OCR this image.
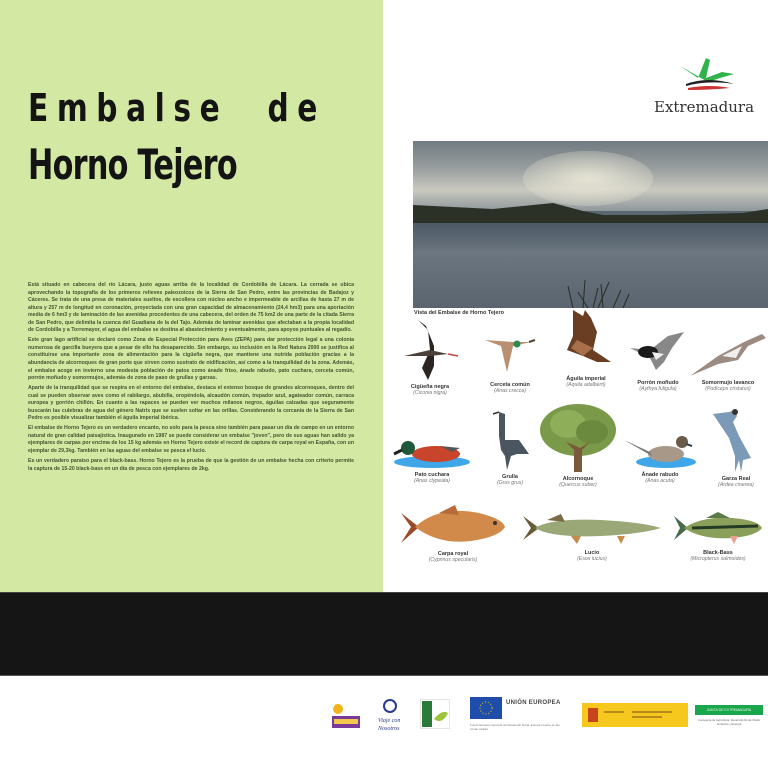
Embalse de
Horno Tejero

Está situado en cabecera del río Lácara, justo aguas arriba de la localidad de Cordobilla de Lácara. La cerrada se ubica aprovechando la topografía de los primeros relieves paleozoicos de la Sierra de San Pedro, entre las provincias de Badajoz y Cáceres. Se trata de una presa de materiales sueltos, de escollera con núcleo ancho e impermeable de arcillas de hasta 27 m de altura y 257 m de longitud en coronación, proyectada con una gran capacidad de almacenamiento (24,4 hm3) para una aportación media de 6 hm3 y de laminación de las avenidas procedentes de una cabecera, del orden de 75 km2 de una parte de la citada Sierra de San Pedro, que delimita la cuenca del Guadiana de la del Tajo. Además de laminar avenidas que afectaban a la propia localidad de Cordobilla y a Torremayor, el agua del embalse se destina al abastecimiento y eventualmente, para apoyos puntuales al regadío.

Este gran lago artificial se declaró como Zona de Especial Protección para Aves (ZEPA) para dar protección legal a una colonia numerosa de garcilla bueyera que a pesar de ello ha desaparecido. Sin embargo, su inclusión en la Red Natura 2000 se justifica al constituirse una importante zona de alimentación para la cigüeña negra, que mantiene una nutrida población gracias a la abundancia de alcornoques de gran porte que sirven como sustrato de nidificación, así como a la tranquilidad de la zona. Además, el embalse acoge en invierno una modesta población de patos como ánade friso, ánade rabudo, pato cuchara, cerceta común, porrón moñudo y somormujos, además de zona de paso de grullas y garzas.

Aparte de la tranquilidad que se respira en el entorno del embalse, destaca el extenso bosque de grandes alcornoques, dentro del cual se pueden observar aves como el rabilargo, abubilla, oropéndola, alcaudón común, trepador azul, agateador común, carraca europea y gorrión chillón. En cuanto a las rapaces se pueden ver muchos milanos negros, águilas calzadas que seguramente buscarán las culebras de agua del género Natrix que se suelen soltar en las orillas. Considerando la cercanía de la Sierra de San Pedro es posible visualizar también el águila imperial ibérica.

El embalse de Horno Tejero es un verdadero encanto, no solo para la pesca sino también para pasar un día de campo en un entorno natural de gran calidad paisajística. Inaugurado en 1987 se puede considerar un embalse "joven", pero de sus aguas han salido ya ejemplares de carpas por encima de los 15 kg además en Horno Tejero existe el record de captura de carpa royal en España, con un ejemplar de 29,3kg. También en las aguas del embalse se pesca el lucio.

Es un verdadero paraíso para el black-bass. Horno Tejero es la prueba de que la gestión de un embalse hecha con criterio permite la captura de 15-20 black-bass en un día de pesca con ejemplares de 2kg.

Extremadura
Vista del Embalse de Horno Tejero
Cigüeña negra
(Ciconia nigra)
Cerceta común
(Anas crecca)
Águila imperial
(Aquila adalberti)	Porrón moñudo
(Aythya fuligula)
Somormujo lavanco
(Podiceps cristatus)
Pato cuchara
(Anas clypeata)
Grulla
(Grus grus)
Alcornoque
(Quercus suber)
Ánade rabudo
(Anas acuta)	Garza Real
(Ardea cinerea)
Carpa royal
(Cyprinus specularis)
Lucio
(Esox lucius)
Black-Bass
(Micropterus salmoides)
Viaje con
Nosotros
UNIÓN EUROPEA
Fondo Europeo Agrícola de Desarrollo Rural. Europa invierte en las zonas rurales
JUNTA DE EXTREMADURA
Consejería de Agricultura, Desarrollo Rural, Medio Ambiente y Energía
